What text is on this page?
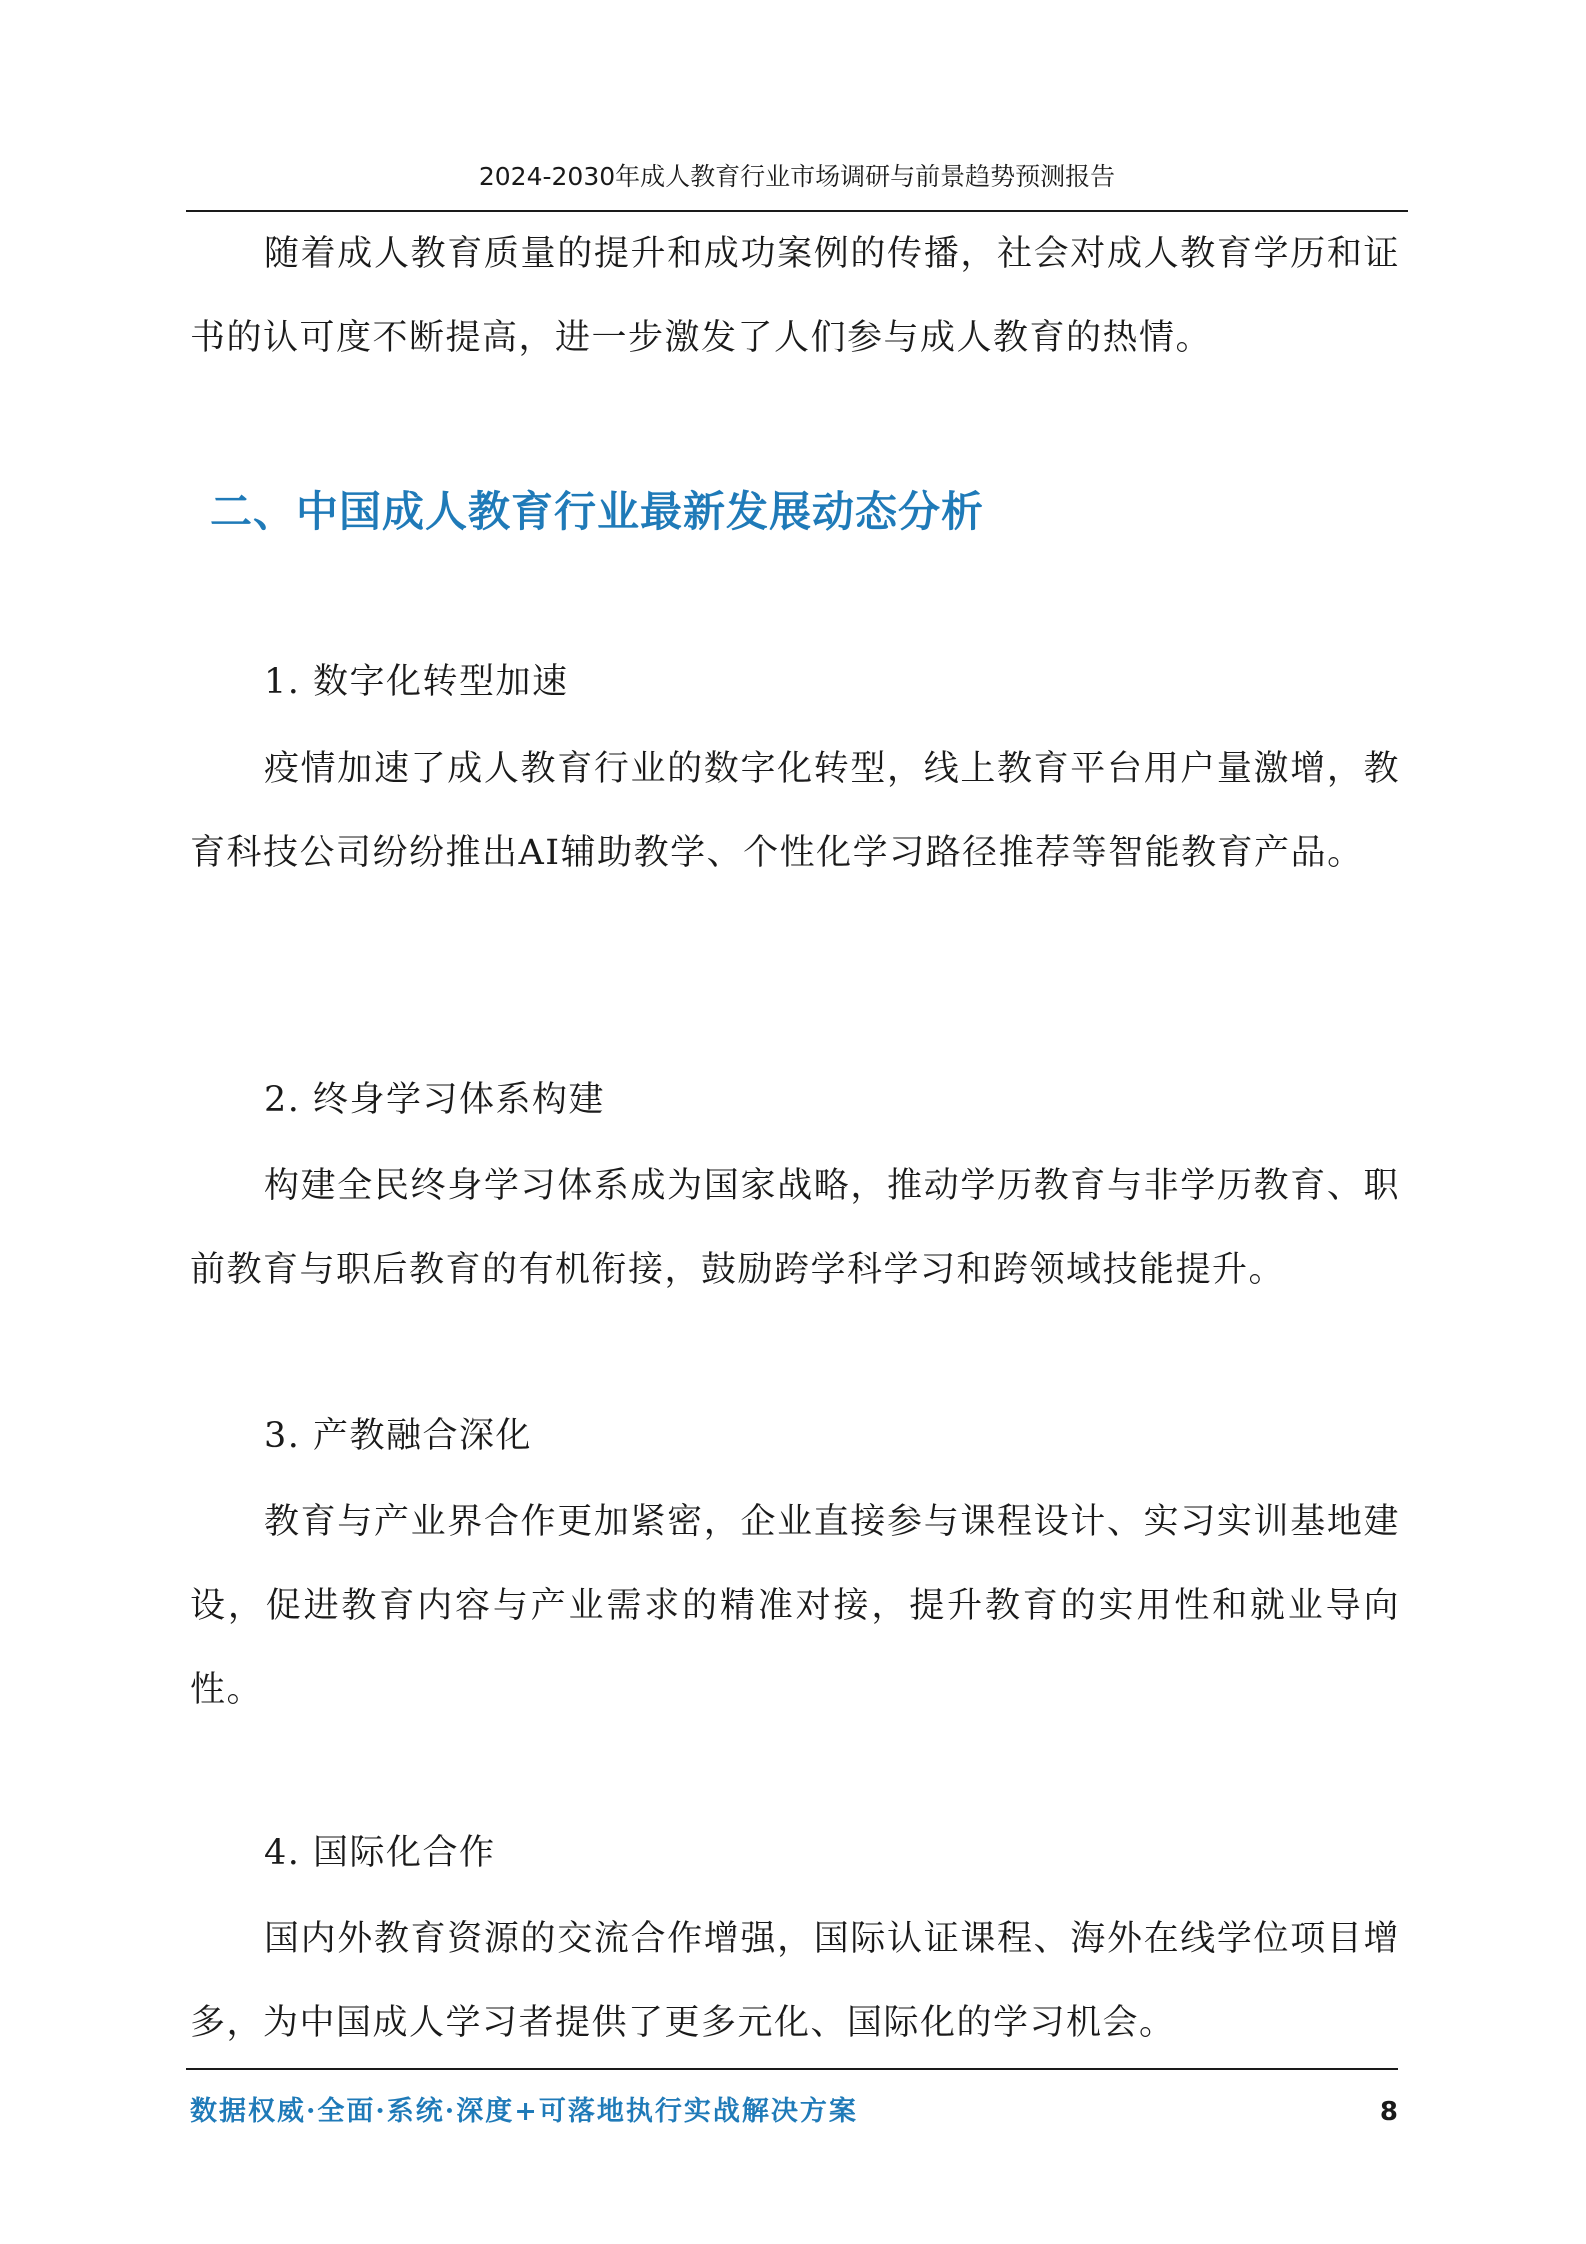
2024-2030年成人教育行业市场调研与前景趋势预测报告

随着成人教育质量的提升和成功案例的传播，社会对成人教育学历和证书的认可度不断提高，进一步激发了人们参与成人教育的热情。

二、中国成人教育行业最新发展动态分析

1. 数字化转型加速

疫情加速了成人教育行业的数字化转型，线上教育平台用户量激增，教育科技公司纷纷推出AI辅助教学、个性化学习路径推荐等智能教育产品。

2. 终身学习体系构建

构建全民终身学习体系成为国家战略，推动学历教育与非学历教育、职前教育与职后教育的有机衔接，鼓励跨学科学习和跨领域技能提升。

3. 产教融合深化

教育与产业界合作更加紧密，企业直接参与课程设计、实习实训基地建设，促进教育内容与产业需求的精准对接，提升教育的实用性和就业导向性。

4. 国际化合作

国内外教育资源的交流合作增强，国际认证课程、海外在线学位项目增多，为中国成人学习者提供了更多元化、国际化的学习机会。

数据权威·全面·系统·深度+可落地执行实战解决方案	8
